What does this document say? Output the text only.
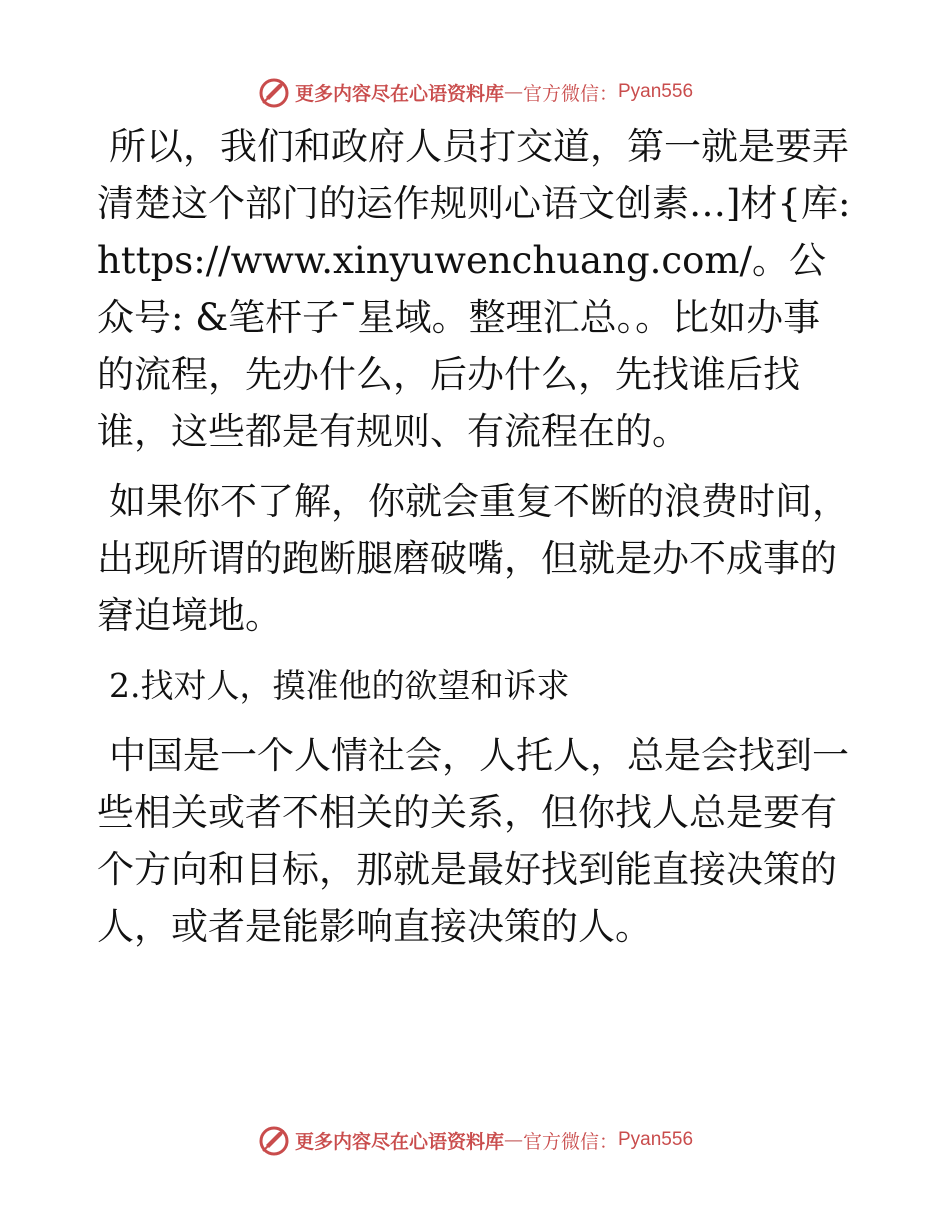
更多内容尽在心语资料库 — 官方微信： Pyan556

所以，我们和政府人员打交道，第一就是要弄清楚这个部门的运作规则心语文创素…]材{库: https://www.xinyuwenchuang.com/。公众号: &笔杆子¯星域。整理汇总。。比如办事的流程，先办什么，后办什么，先找谁后找谁，这些都是有规则、有流程在的。

如果你不了解，你就会重复不断的浪费时间，出现所谓的跑断腿磨破嘴，但就是办不成事的窘迫境地。

2.找对人，摸准他的欲望和诉求

中国是一个人情社会，人托人，总是会找到一些相关或者不相关的关系，但你找人总是要有个方向和目标，那就是最好找到能直接决策的人，或者是能影响直接决策的人。

更多内容尽在心语资料库 — 官方微信： Pyan556
